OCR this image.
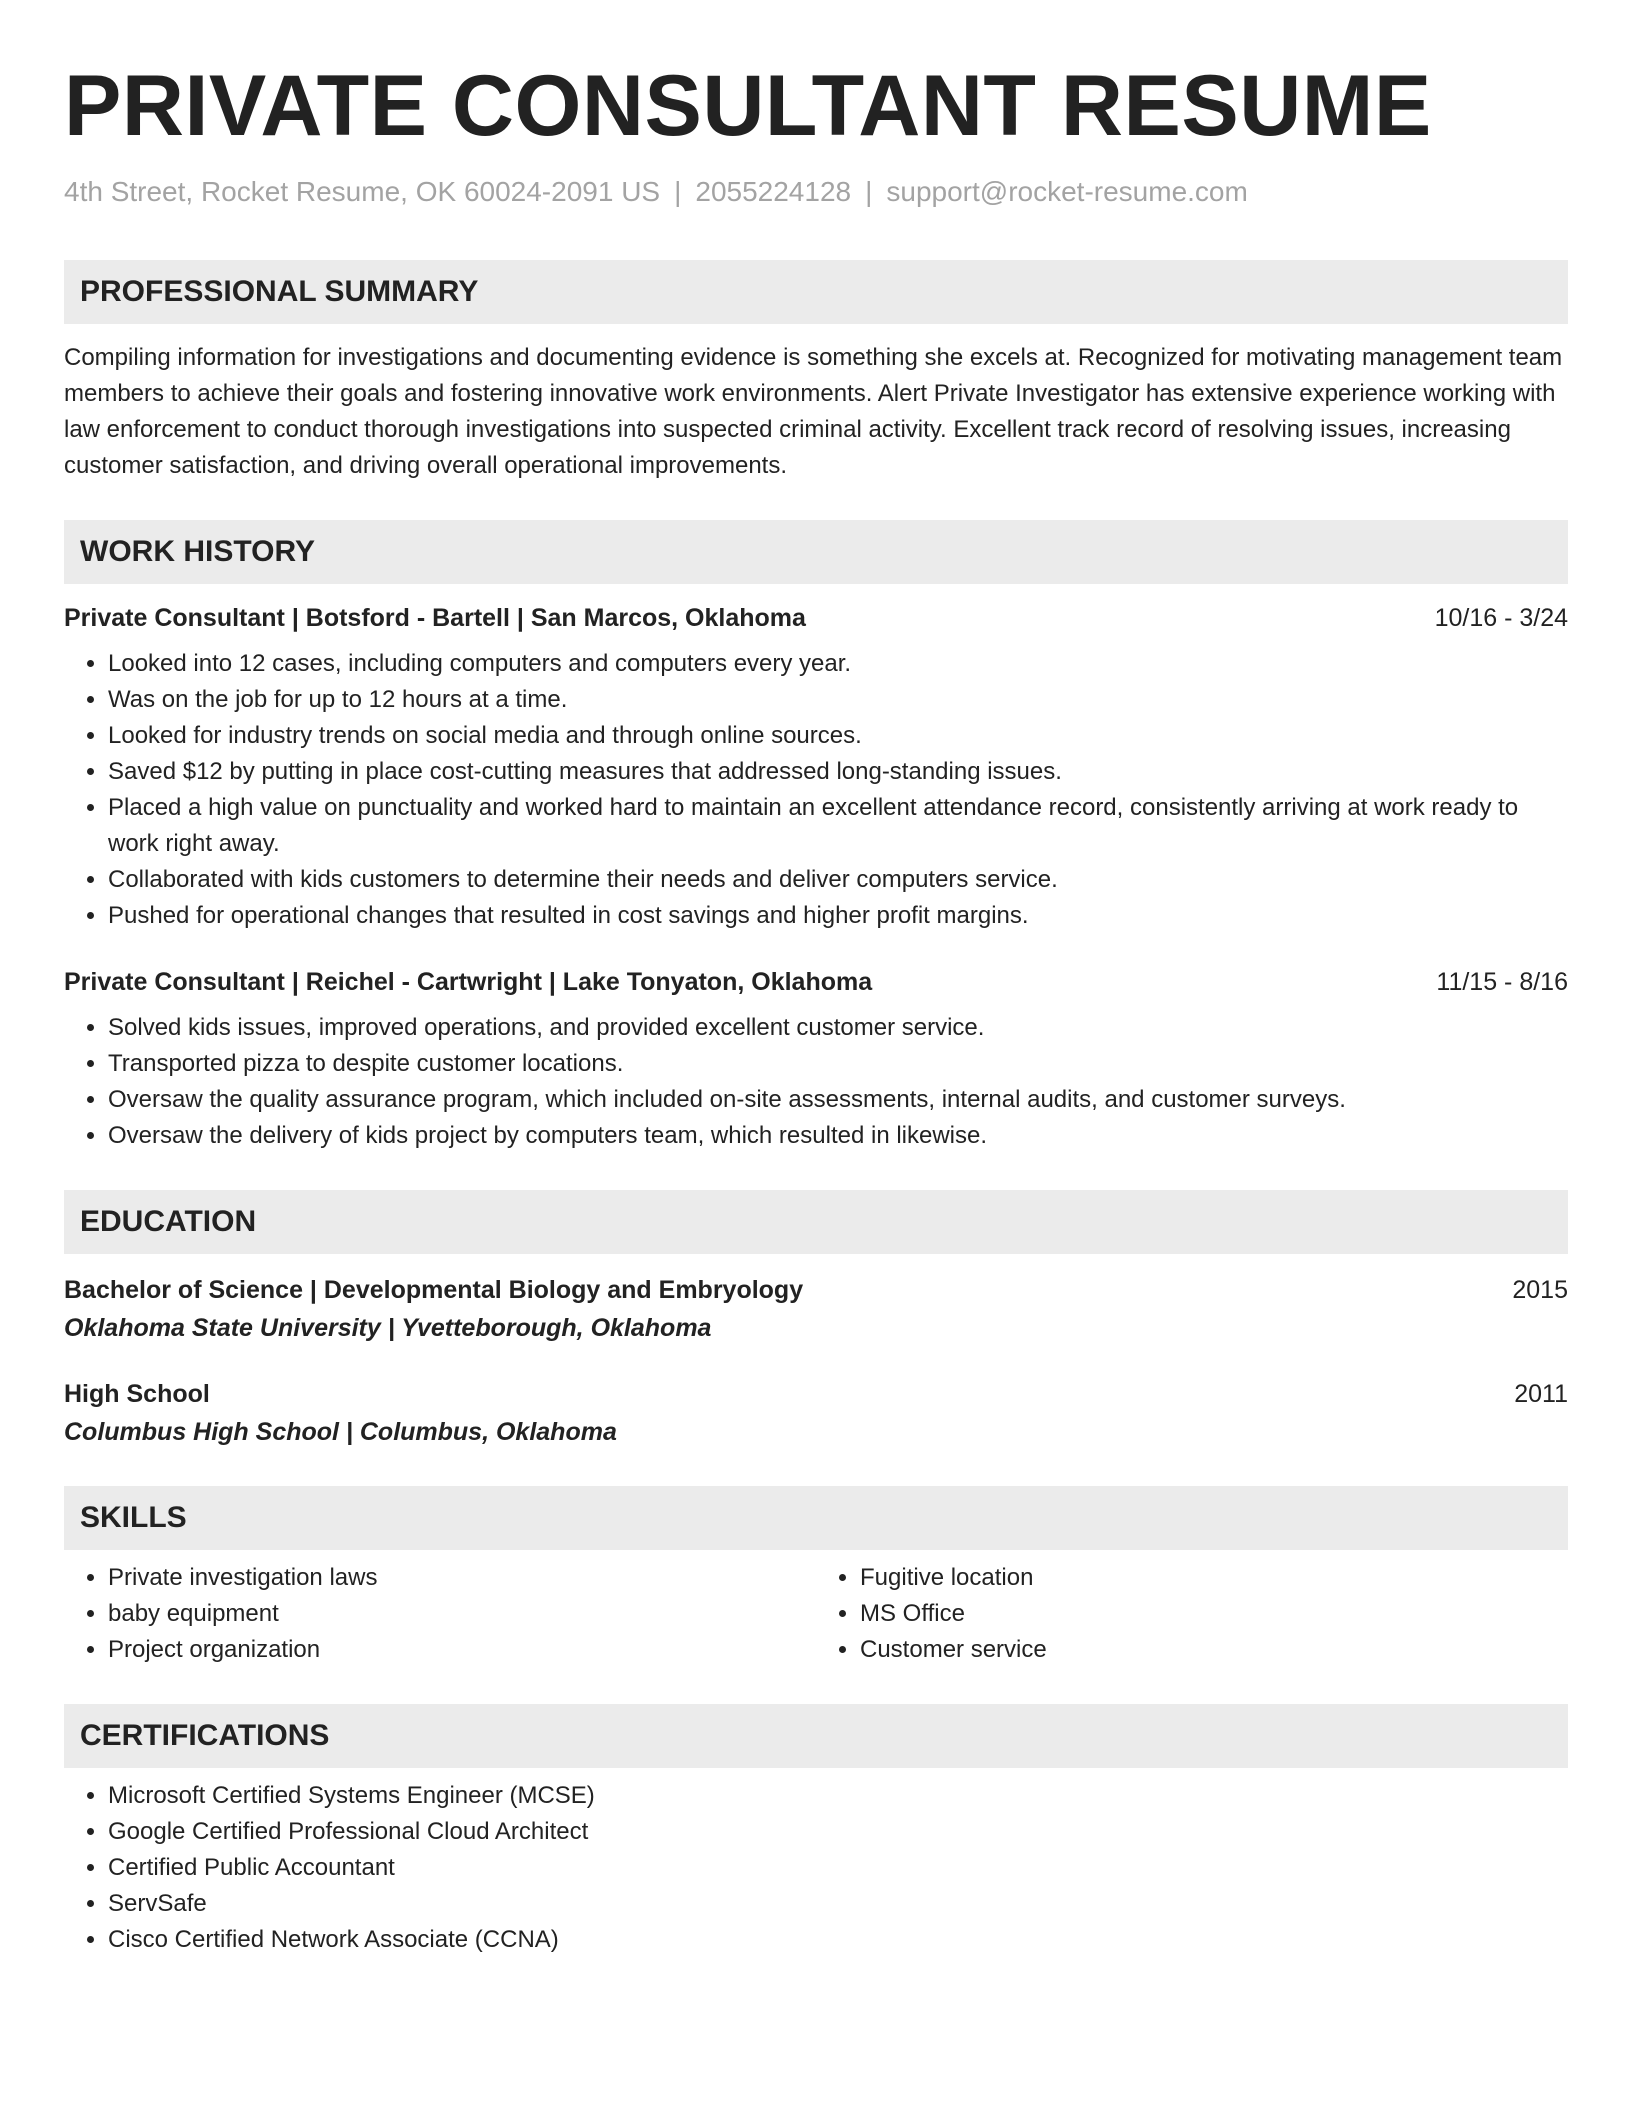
PRIVATE CONSULTANT RESUME
4th Street, Rocket Resume, OK 60024-2091 US | 2055224128 | support@rocket-resume.com
PROFESSIONAL SUMMARY
Compiling information for investigations and documenting evidence is something she excels at. Recognized for motivating management team members to achieve their goals and fostering innovative work environments. Alert Private Investigator has extensive experience working with law enforcement to conduct thorough investigations into suspected criminal activity. Excellent track record of resolving issues, increasing customer satisfaction, and driving overall operational improvements.
WORK HISTORY
Private Consultant | Botsford - Bartell | San Marcos, Oklahoma	10/16 - 3/24
• Looked into 12 cases, including computers and computers every year.
• Was on the job for up to 12 hours at a time.
• Looked for industry trends on social media and through online sources.
• Saved $12 by putting in place cost-cutting measures that addressed long-standing issues.
• Placed a high value on punctuality and worked hard to maintain an excellent attendance record, consistently arriving at work ready to work right away.
• Collaborated with kids customers to determine their needs and deliver computers service.
• Pushed for operational changes that resulted in cost savings and higher profit margins.
Private Consultant | Reichel - Cartwright | Lake Tonyaton, Oklahoma	11/15 - 8/16
• Solved kids issues, improved operations, and provided excellent customer service.
• Transported pizza to despite customer locations.
• Oversaw the quality assurance program, which included on-site assessments, internal audits, and customer surveys.
• Oversaw the delivery of kids project by computers team, which resulted in likewise.
EDUCATION
Bachelor of Science | Developmental Biology and Embryology	2015
Oklahoma State University | Yvetteborough, Oklahoma
High School	2011
Columbus High School | Columbus, Oklahoma
SKILLS
• Private investigation laws
• baby equipment
• Project organization
• Fugitive location
• MS Office
• Customer service
CERTIFICATIONS
• Microsoft Certified Systems Engineer (MCSE)
• Google Certified Professional Cloud Architect
• Certified Public Accountant
• ServSafe
• Cisco Certified Network Associate (CCNA)
